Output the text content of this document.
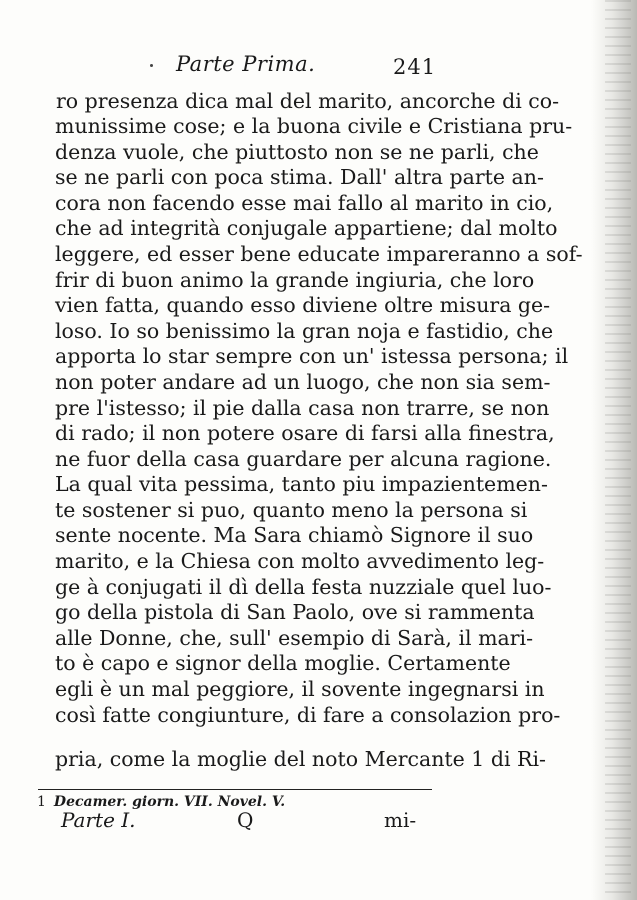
Parte Prima.	241
ro presenza dica mal del marito, ancorche di co-
munissime cose; e la buona civile e Cristiana pru-
denza vuole, che piuttosto non se ne parli, che
se ne parli con poca stima. Dall' altra parte an-
cora non facendo esse mai fallo al marito in cio,
che ad integrità conjugale appartiene; dal molto
leggere, ed esser bene educate impareranno a sof-
frir di buon animo la grande ingiuria, che loro
vien fatta, quando esso diviene oltre misura ge-
loso. Io so benissimo la gran noja e fastidio, che
apporta lo star sempre con un' istessa persona; il
non poter andare ad un luogo, che non sia sem-
pre l'istesso; il pie dalla casa non trarre, se non
di rado; il non potere osare di farsi alla finestra,
ne fuor della casa guardare per alcuna ragione.
La qual vita pessima, tanto piu impazientemen-
te sostener si puo, quanto meno la persona si
sente nocente. Ma Sara chiamò Signore il suo
marito, e la Chiesa con molto avvedimento leg-
ge à conjugati il dì della festa nuzziale quel luo-
go della pistola di San Paolo, ove si rammenta
alle Donne, che, sull' esempio di Sarà, il mari-
to è capo e signor della moglie. Certamente
egli è un mal peggiore, il sovente ingegnarsi in
così fatte congiunture, di fare a consolazion pro-
pria, come la moglie del noto Mercante 1 di Ri-
1 Decamer. giorn. VII. Novel. V.
Parte I.	Q	mi-
